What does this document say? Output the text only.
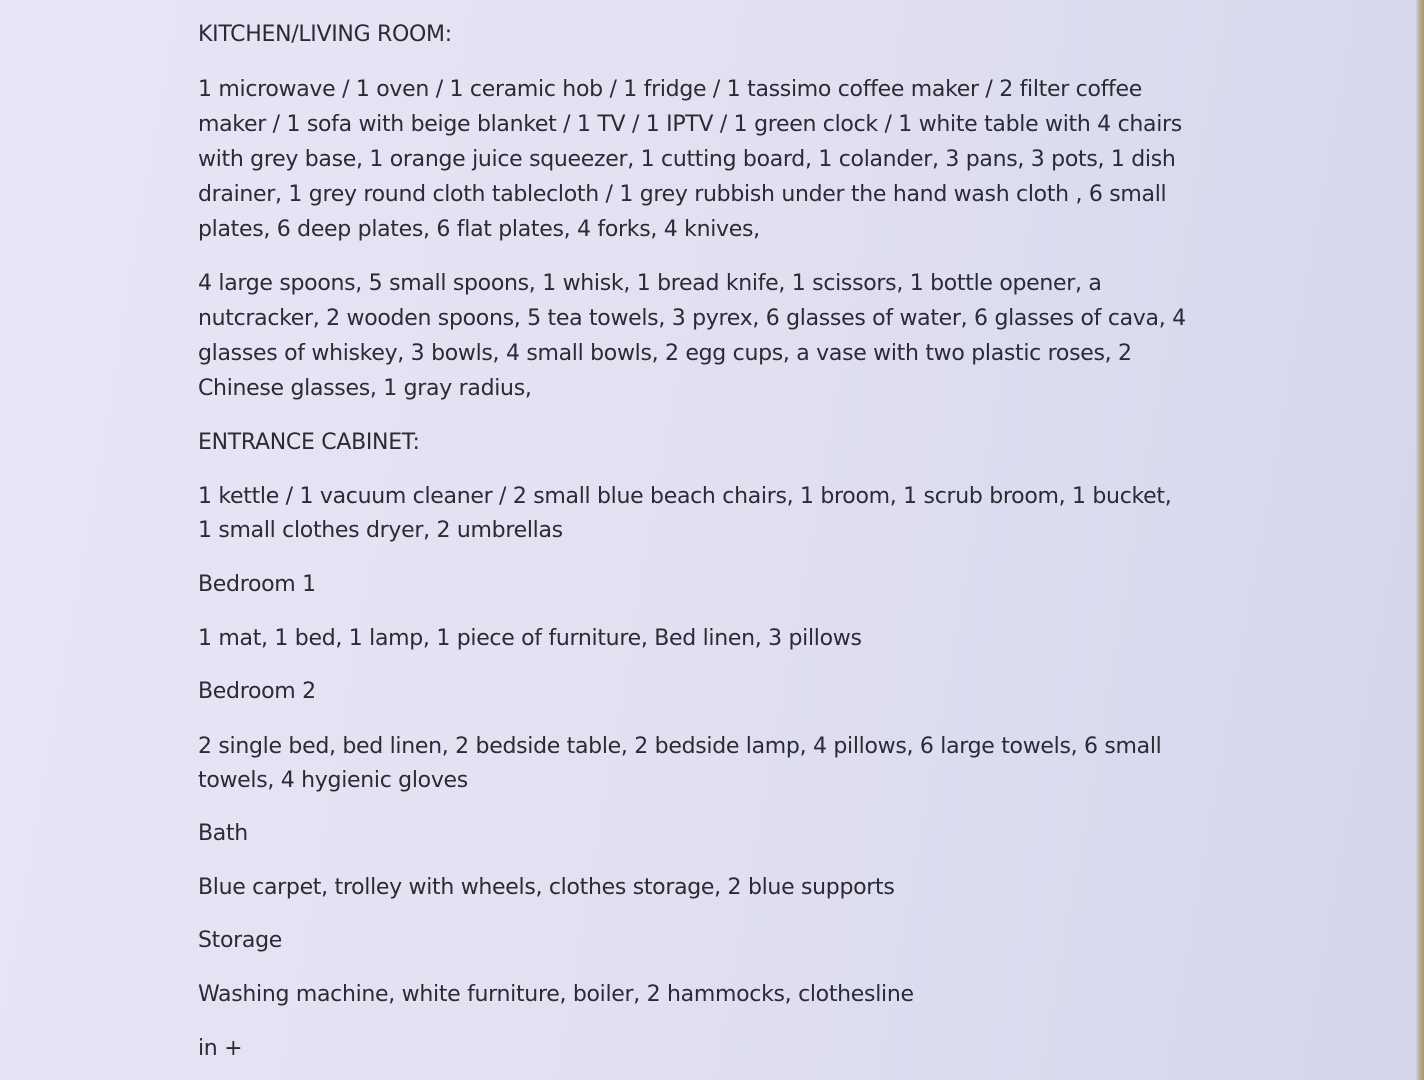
KITCHEN/LIVING ROOM:
1 microwave / 1 oven / 1 ceramic hob / 1 fridge / 1 tassimo coffee maker / 2 filter coffee
maker / 1 sofa with beige blanket / 1 TV / 1 IPTV / 1 green clock / 1 white table with 4 chairs
with grey base, 1 orange juice squeezer, 1 cutting board, 1 colander, 3 pans, 3 pots, 1 dish
drainer, 1 grey round cloth tablecloth / 1 grey rubbish under the hand wash cloth , 6 small
plates, 6 deep plates, 6 flat plates, 4 forks, 4 knives,
4 large spoons, 5 small spoons, 1 whisk, 1 bread knife, 1 scissors, 1 bottle opener, a
nutcracker, 2 wooden spoons, 5 tea towels, 3 pyrex, 6 glasses of water, 6 glasses of cava, 4
glasses of whiskey, 3 bowls, 4 small bowls, 2 egg cups, a vase with two plastic roses, 2
Chinese glasses, 1 gray radius,
ENTRANCE CABINET:
1 kettle / 1 vacuum cleaner / 2 small blue beach chairs, 1 broom, 1 scrub broom, 1 bucket,
1 small clothes dryer, 2 umbrellas
Bedroom 1
1 mat, 1 bed, 1 lamp, 1 piece of furniture, Bed linen, 3 pillows
Bedroom 2
2 single bed, bed linen, 2 bedside table, 2 bedside lamp, 4 pillows, 6 large towels, 6 small
towels, 4 hygienic gloves
Bath
Blue carpet, trolley with wheels, clothes storage, 2 blue supports
Storage
Washing machine, white furniture, boiler, 2 hammocks, clothesline
in +
